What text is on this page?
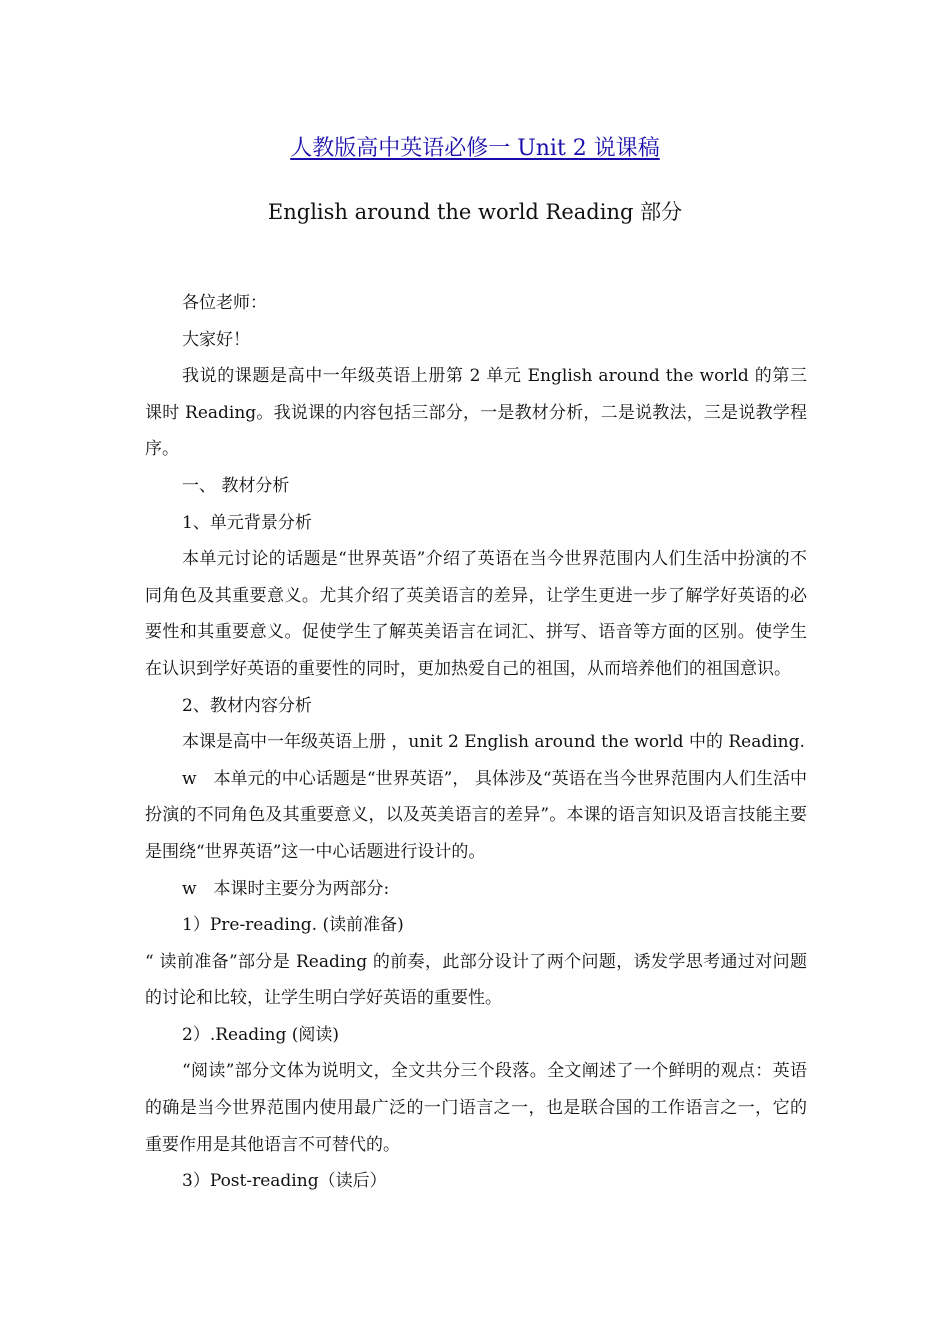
人教版高中英语必修一 Unit 2 说课稿
English around the world Reading 部分

各位老师：

大家好！

我说的课题是高中一年级英语上册第 2 单元 English around the world 的第三课时 Reading。我说课的内容包括三部分，一是教材分析，二是说教法，三是说教学程序。

一、 教材分析

1、单元背景分析

本单元讨论的话题是“世界英语”介绍了英语在当今世界范围内人们生活中扮演的不同角色及其重要意义。尤其介绍了英美语言的差异，让学生更进一步了解学好英语的必要性和其重要意义。促使学生了解英美语言在词汇、拼写、语音等方面的区别。使学生在认识到学好英语的重要性的同时，更加热爱自己的祖国，从而培养他们的祖国意识。

2、教材内容分析

本课是高中一年级英语上册 ，unit 2 English around the world 中的 Reading.

w　本单元的中心话题是“世界英语”， 具体涉及“英语在当今世界范围内人们生活中扮演的不同角色及其重要意义，以及英美语言的差异”。本课的语言知识及语言技能主要是围绕“世界英语”这一中心话题进行设计的。

w　本课时主要分为两部分:

1）Pre-reading. (读前准备)

“ 读前准备”部分是 Reading 的前奏，此部分设计了两个问题，诱发学思考通过对问题的讨论和比较，让学生明白学好英语的重要性。

2）.Reading (阅读)

“阅读”部分文体为说明文，全文共分三个段落。全文阐述了一个鲜明的观点：英语的确是当今世界范围内使用最广泛的一门语言之一，也是联合国的工作语言之一，它的重要作用是其他语言不可替代的。

3）Post-reading（读后）
